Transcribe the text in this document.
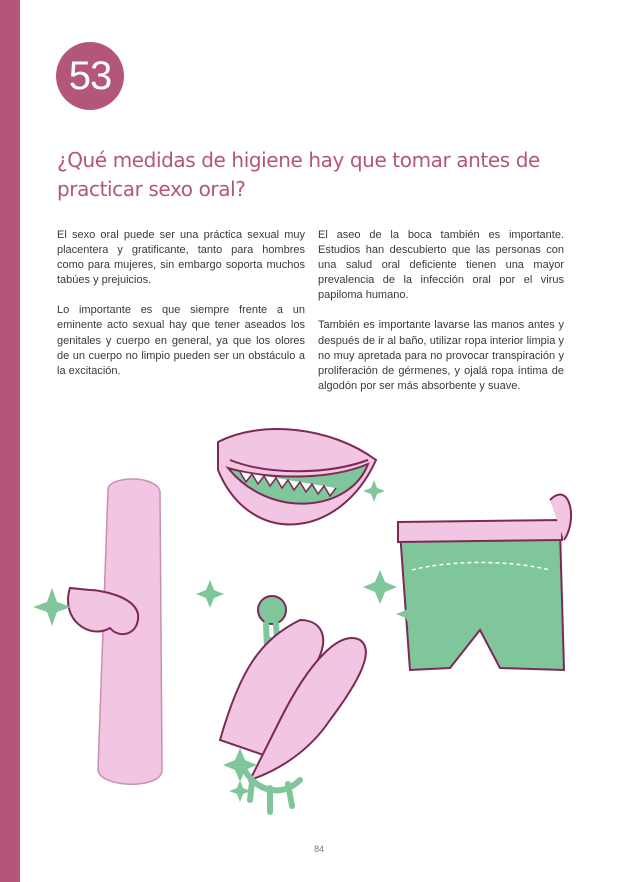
53
¿Qué medidas de higiene hay que tomar antes de practicar sexo oral?

El sexo oral puede ser una práctica sexual muy placentera y gratificante, tanto para hombres como para mujeres, sin embargo soporta muchos tabúes y prejuicios.

Lo importante es que siempre frente a un eminente acto sexual hay que tener aseados los genitales y cuerpo en general, ya que los olores de un cuerpo no limpio pueden ser un obstáculo a la excitación.

El aseo de la boca también es importante. Estudios han descubierto que las personas con una salud oral deficiente tienen una mayor prevalencia de la infección oral por el virus papiloma humano.

También es importante lavarse las manos antes y después de ir al baño, utilizar ropa interior limpia y no muy apretada para no provocar transpiración y proliferación de gérmenes, y ojalá ropa íntima de algodón por ser más absorbente y suave.

84
